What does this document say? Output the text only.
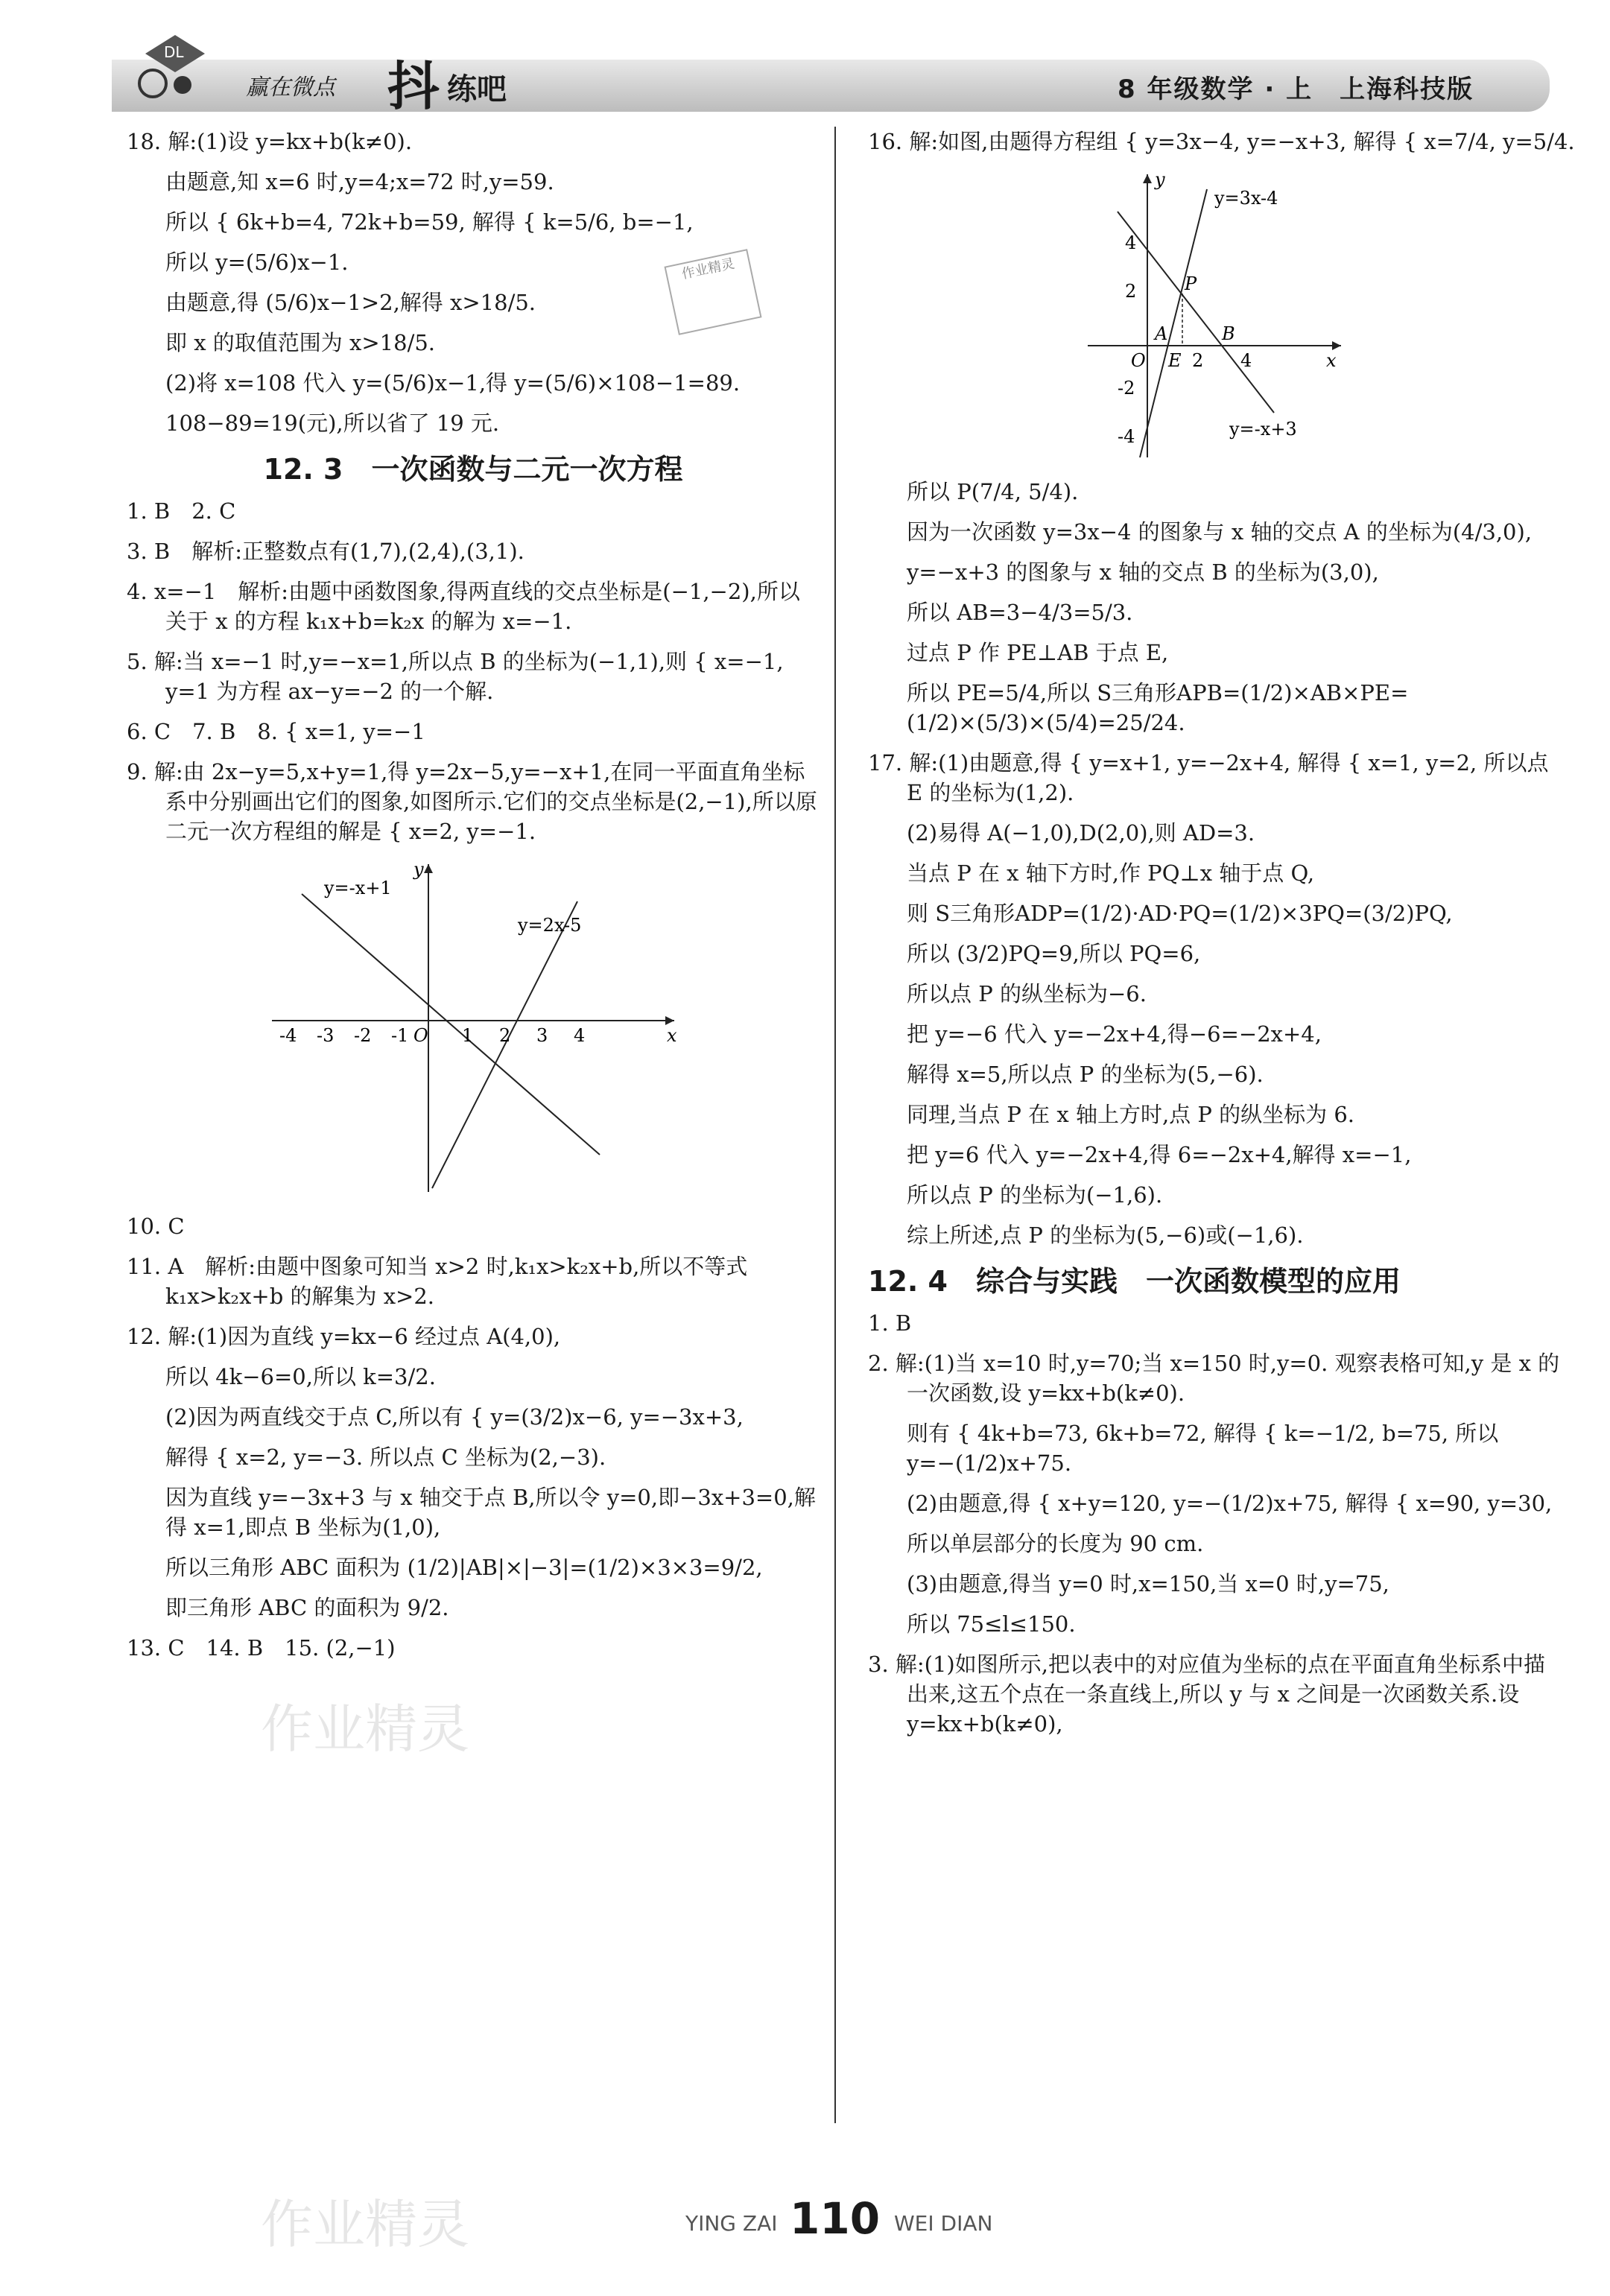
DL
赢在微点 抖 练吧	8 年级数学 · 上　上海科技版
作业精灵
作业精灵
作业精灵

18. 解:(1)设 y=kx+b(k≠0).

由题意,知 x=6 时,y=4;x=72 时,y=59.

所以 { 6k+b=4, 72k+b=59, 解得 { k=5/6, b=−1,

所以 y=(5/6)x−1.

由题意,得 (5/6)x−1>2,解得 x>18/5.

即 x 的取值范围为 x>18/5.

(2)将 x=108 代入 y=(5/6)x−1,得 y=(5/6)×108−1=89.

108−89=19(元),所以省了 19 元.

12. 3　一次函数与二元一次方程

1. B　2. C

3. B　解析:正整数点有(1,7),(2,4),(3,1).

4. x=−1　解析:由题中函数图象,得两直线的交点坐标是(−1,−2),所以关于 x 的方程 k₁x+b=k₂x 的解为 x=−1.

5. 解:当 x=−1 时,y=−x=1,所以点 B 的坐标为(−1,1),则 { x=−1, y=1 为方程 ax−y=−2 的一个解.

6. C　7. B　8. { x=1, y=−1

9. 解:由 2x−y=5,x+y=1,得 y=2x−5,y=−x+1,在同一平面直角坐标系中分别画出它们的图象,如图所示.它们的交点坐标是(2,−1),所以原二元一次方程组的解是 { x=2, y=−1.

y=-x+1
y=2x-5
x
y
O
-4 -3 -2 -1	1 2 3 4

10. C

11. A　解析:由题中图象可知当 x>2 时,k₁x>k₂x+b,所以不等式k₁x>k₂x+b 的解集为 x>2.

12. 解:(1)因为直线 y=kx−6 经过点 A(4,0),

所以 4k−6=0,所以 k=3/2.

(2)因为两直线交于点 C,所以有 { y=(3/2)x−6, y=−3x+3,

解得 { x=2, y=−3. 所以点 C 坐标为(2,−3).

因为直线 y=−3x+3 与 x 轴交于点 B,所以令 y=0,即−3x+3=0,解得 x=1,即点 B 坐标为(1,0),

所以三角形 ABC 面积为 (1/2)|AB|×|−3|=(1/2)×3×3=9/2,

即三角形 ABC 的面积为 9/2.

13. C　14. B　15. (2,−1)

16. 解:如图,由题得方程组 { y=3x−4, y=−x+3, 解得 { x=7/4, y=5/4.

y=3x-4
y=-x+3
P
A	B
E 2 4
4
2
-2
-4
x
y
O

所以 P(7/4, 5/4).

因为一次函数 y=3x−4 的图象与 x 轴的交点 A 的坐标为(4/3,0),

y=−x+3 的图象与 x 轴的交点 B 的坐标为(3,0),

所以 AB=3−4/3=5/3.

过点 P 作 PE⊥AB 于点 E,

所以 PE=5/4,所以 S三角形APB=(1/2)×AB×PE=(1/2)×(5/3)×(5/4)=25/24.

17. 解:(1)由题意,得 { y=x+1, y=−2x+4, 解得 { x=1, y=2, 所以点 E 的坐标为(1,2).

(2)易得 A(−1,0),D(2,0),则 AD=3.

当点 P 在 x 轴下方时,作 PQ⊥x 轴于点 Q,

则 S三角形ADP=(1/2)·AD·PQ=(1/2)×3PQ=(3/2)PQ,

所以 (3/2)PQ=9,所以 PQ=6,

所以点 P 的纵坐标为−6.

把 y=−6 代入 y=−2x+4,得−6=−2x+4,

解得 x=5,所以点 P 的坐标为(5,−6).

同理,当点 P 在 x 轴上方时,点 P 的纵坐标为 6.

把 y=6 代入 y=−2x+4,得 6=−2x+4,解得 x=−1,

所以点 P 的坐标为(−1,6).

综上所述,点 P 的坐标为(5,−6)或(−1,6).

12. 4　综合与实践　一次函数模型的应用

1. B

2. 解:(1)当 x=10 时,y=70;当 x=150 时,y=0. 观察表格可知,y 是 x 的一次函数,设 y=kx+b(k≠0).

则有 { 4k+b=73, 6k+b=72, 解得 { k=−1/2, b=75, 所以 y=−(1/2)x+75.

(2)由题意,得 { x+y=120, y=−(1/2)x+75, 解得 { x=90, y=30,

所以单层部分的长度为 90 cm.

(3)由题意,得当 y=0 时,x=150,当 x=0 时,y=75,

所以 75≤l≤150.

3. 解:(1)如图所示,把以表中的对应值为坐标的点在平面直角坐标系中描出来,这五个点在一条直线上,所以 y 与 x 之间是一次函数关系.设 y=kx+b(k≠0),

YING ZAI 110 WEI DIAN
